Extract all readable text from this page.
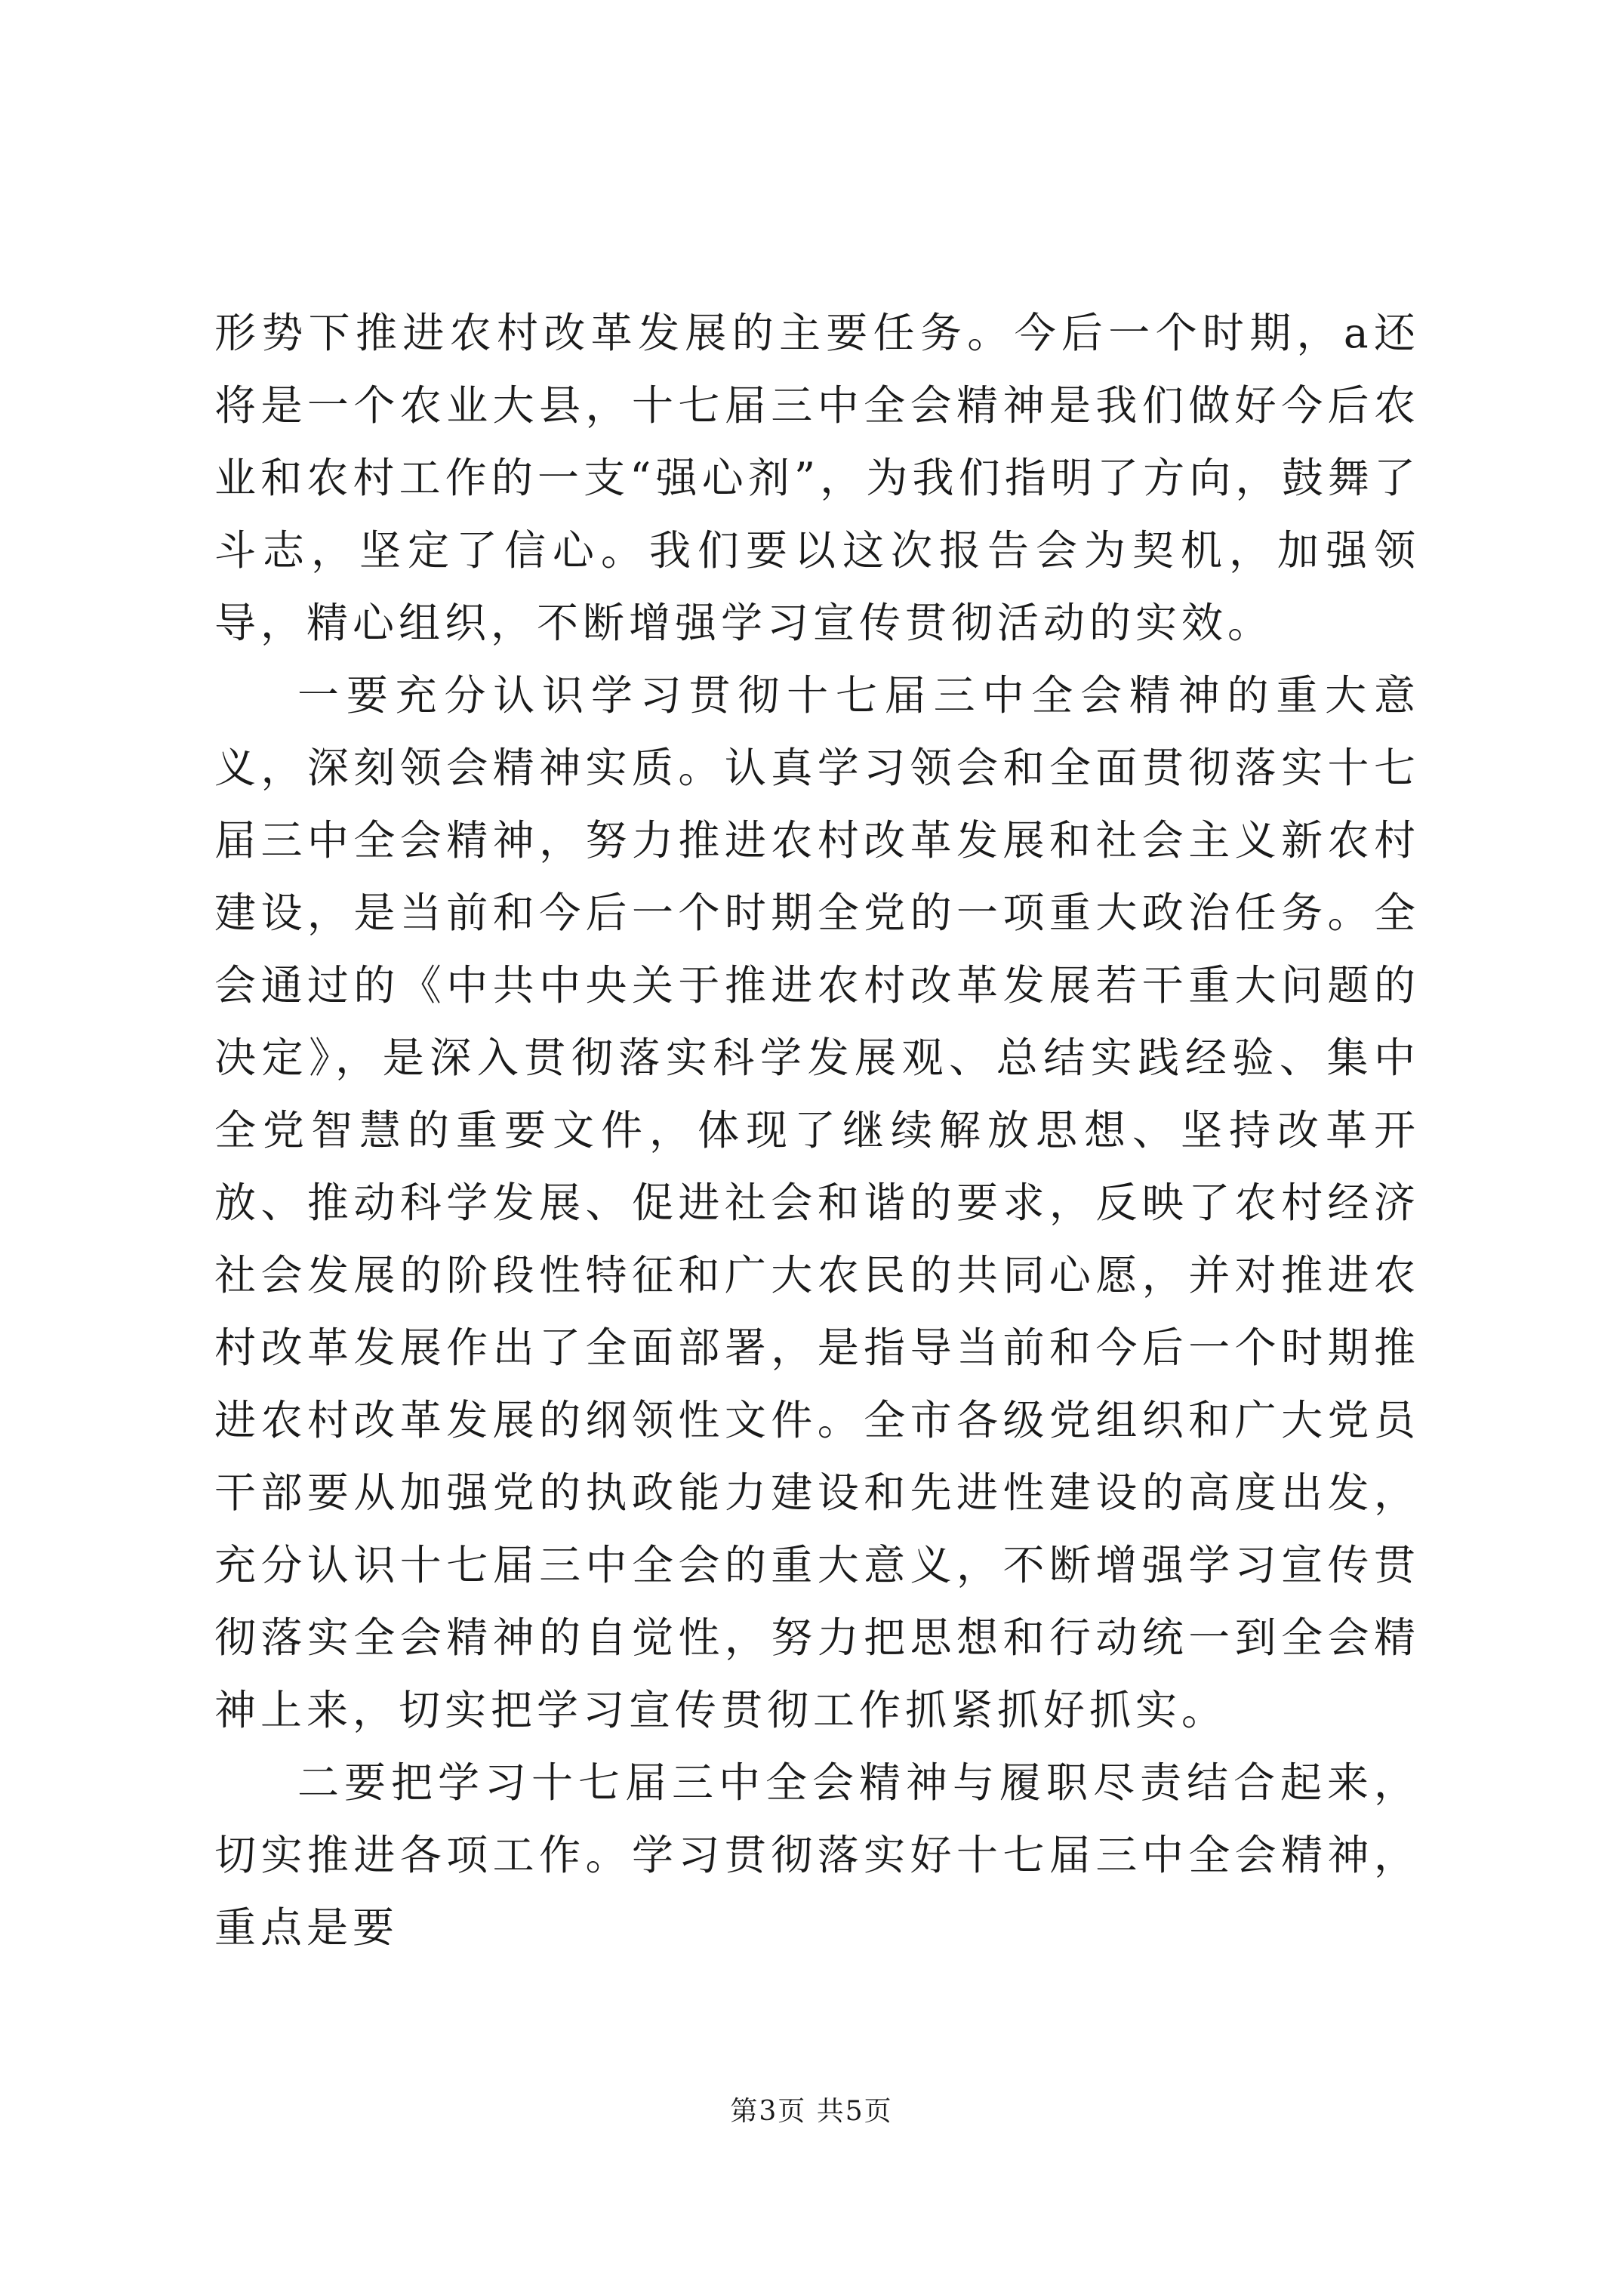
形势下推进农村改革发展的主要任务。今后一个时期，a还将是一个农业大县，十七届三中全会精神是我们做好今后农业和农村工作的一支“强心剂”，为我们指明了方向，鼓舞了斗志，坚定了信心。我们要以这次报告会为契机，加强领导，精心组织，不断增强学习宣传贯彻活动的实效。

一要充分认识学习贯彻十七届三中全会精神的重大意义，深刻领会精神实质。认真学习领会和全面贯彻落实十七届三中全会精神，努力推进农村改革发展和社会主义新农村建设，是当前和今后一个时期全党的一项重大政治任务。全会通过的《中共中央关于推进农村改革发展若干重大问题的决定》，是深入贯彻落实科学发展观、总结实践经验、集中全党智慧的重要文件，体现了继续解放思想、坚持改革开放、推动科学发展、促进社会和谐的要求，反映了农村经济社会发展的阶段性特征和广大农民的共同心愿，并对推进农村改革发展作出了全面部署，是指导当前和今后一个时期推进农村改革发展的纲领性文件。全市各级党组织和广大党员干部要从加强党的执政能力建设和先进性建设的高度出发，充分认识十七届三中全会的重大意义，不断增强学习宣传贯彻落实全会精神的自觉性，努力把思想和行动统一到全会精神上来，切实把学习宣传贯彻工作抓紧抓好抓实。

二要把学习十七届三中全会精神与履职尽责结合起来，切实推进各项工作。学习贯彻落实好十七届三中全会精神，重点是要

第3页 共5页
